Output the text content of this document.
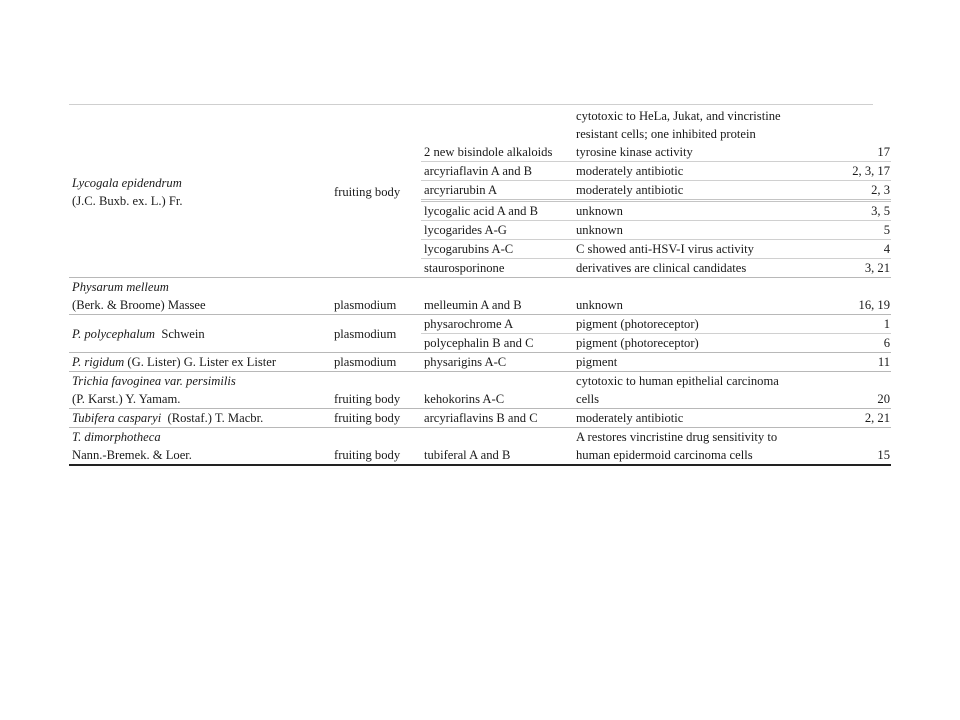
Lycogala epidendrum
(J.C. Buxb. ex. L.) Fr.	fruiting body	2 new bisindole alkaloids	cytotoxic to HeLa, Jukat, and vincristine
resistant cells; one inhibited protein
tyrosine kinase activity	17
		arcyriaflavin A and B	moderately antibiotic	2, 3, 17
		arcyriarubin A	moderately antibiotic	2, 3
		lycogalic acid A and B	unknown	3, 5
		lycogarides A-G	unknown	5
		lycogarubins A-C	C showed anti-HSV-I virus activity	4
		staurosporinone	derivatives are clinical candidates	3, 21
Physarum melleum
(Berk. & Broome) Massee	plasmodium	melleumin A and B	unknown	16, 19
P. polycephalum Schwein	plasmodium	physarochrome A	pigment (photoreceptor)	1
		polycephalin B and C	pigment (photoreceptor)	6
P. rigidum (G. Lister) G. Lister ex Lister	plasmodium	physarigins A-C	pigment	11
Trichia favoginea var. persimilis
(P. Karst.) Y. Yamam.	fruiting body	kehokorins A-C	cytotoxic to human epithelial carcinoma
cells	20
Tubifera casparyi (Rostaf.) T. Macbr.	fruiting body	arcyriaflavins B and C	moderately antibiotic	2, 21
T. dimorphotheca
Nann.-Bremek. & Loer.	fruiting body	tubiferal A and B	A restores vincristine drug sensitivity to
human epidermoid carcinoma cells	15
